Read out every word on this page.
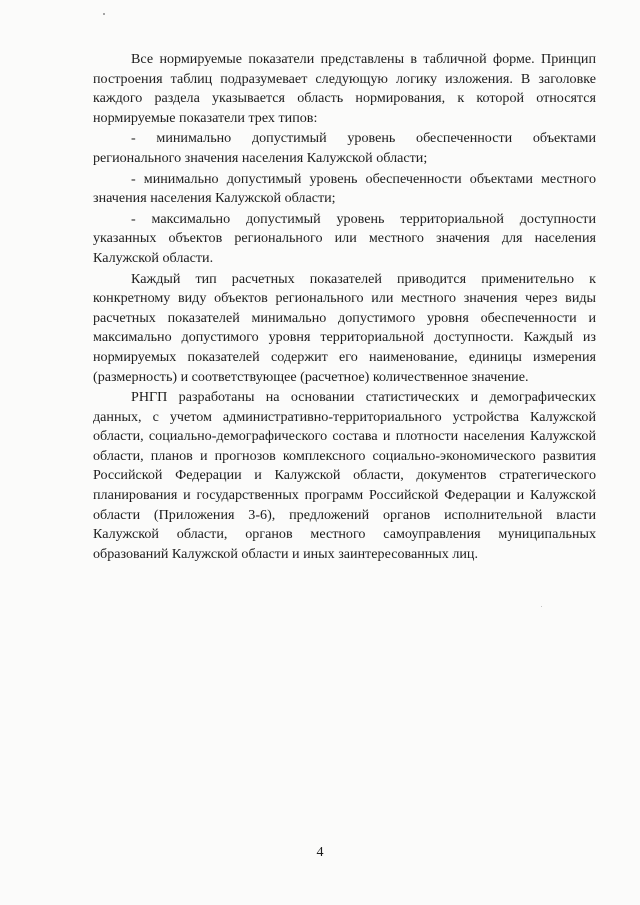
Все нормируемые показатели представлены в табличной форме. Принцип построения таблиц подразумевает следующую логику изложения. В заголовке каждого раздела указывается область нормирования, к которой относятся нормируемые показатели трех типов:

- минимально допустимый уровень обеспеченности объектами регионального значения населения Калужской области;

- минимально допустимый уровень обеспеченности объектами местного значения населения Калужской области;

- максимально допустимый уровень территориальной доступности указанных объектов регионального или местного значения для населения Калужской области.

Каждый тип расчетных показателей приводится применительно к конкретному виду объектов регионального или местного значения через виды расчетных показателей минимально допустимого уровня обеспеченности и максимально допустимого уровня территориальной доступности. Каждый из нормируемых показателей содержит его наименование, единицы измерения (размерность) и соответствующее (расчетное) количественное значение.

РНГП разработаны на основании статистических и демографических данных, с учетом административно-территориального устройства Калужской области, социально-демографического состава и плотности населения Калужской области, планов и прогнозов комплексного социально-экономического развития Российской Федерации и Калужской области, документов стратегического планирования и государственных программ Российской Федерации и Калужской области (Приложения 3-6), предложений органов исполнительной власти Калужской области, органов местного самоуправления муниципальных образований Калужской области и иных заинтересованных лиц.

4
